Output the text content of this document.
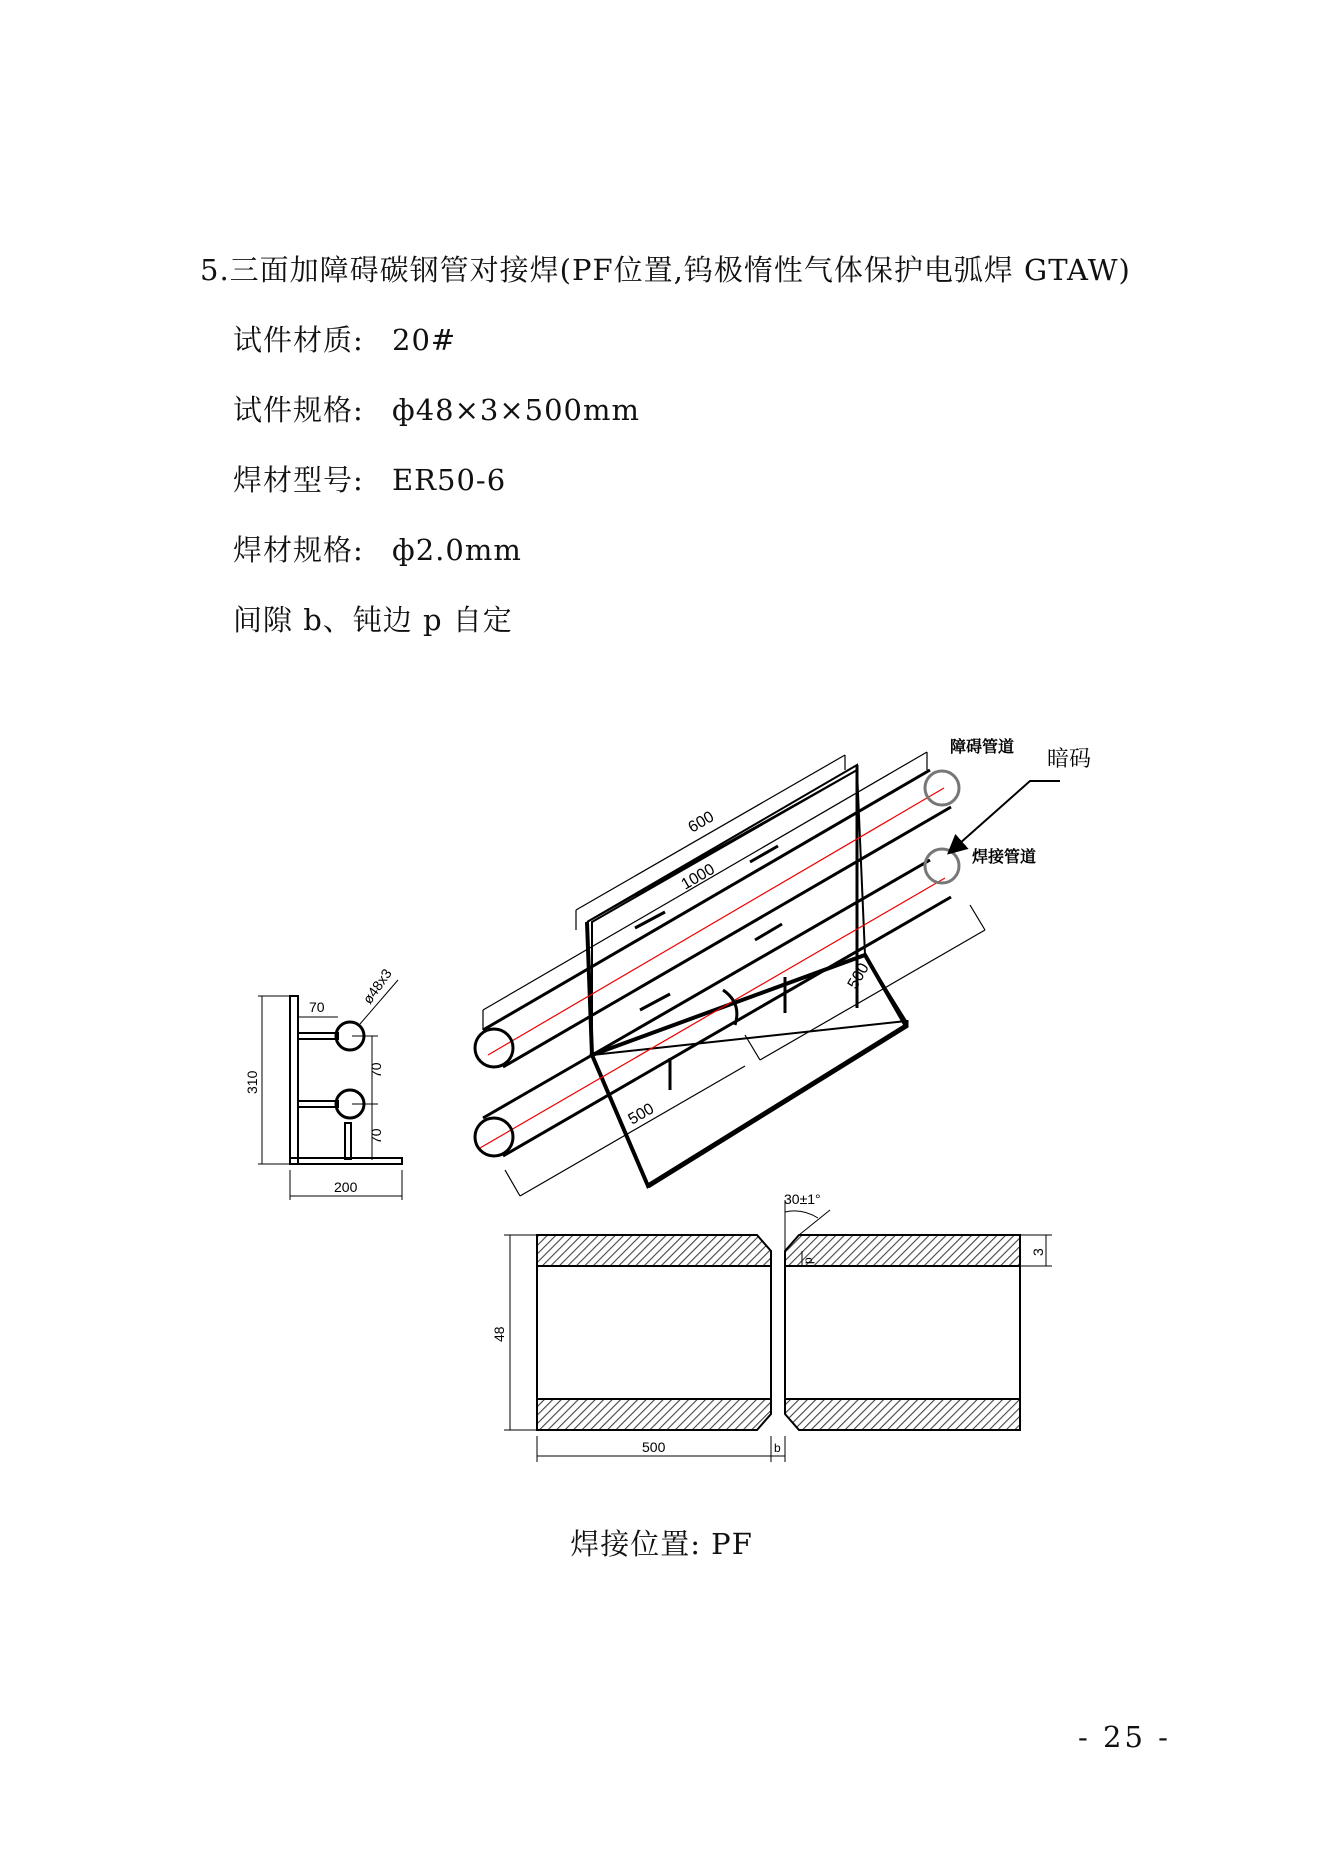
5.三面加障碍碳钢管对接焊(PF位置,钨极惰性气体保护电弧焊 GTAW)
试件材质: 20#
试件规格: ф48×3×500mm
焊材型号: ER50-6
焊材规格: ф2.0mm
间隙 b、钝边 p 自定
障碍管道
焊接管道
暗码
600
1000
500
500
70
ø48x3
310
70
70
200
30±1°
3
p
48
500	b
焊接位置: PF
- 25 -
